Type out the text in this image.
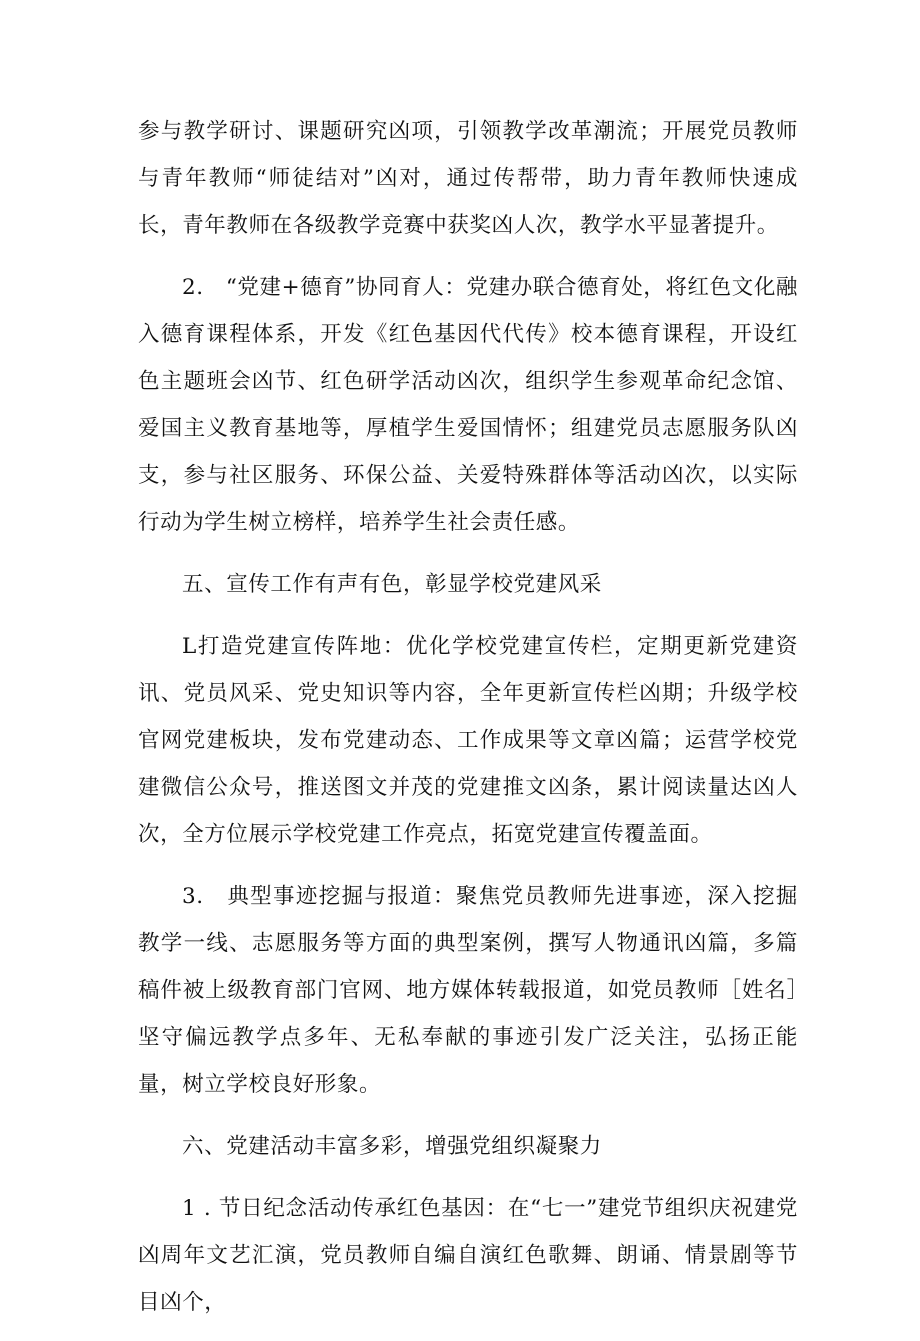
参与教学研讨、课题研究凶项，引领教学改革潮流；开展党员教师与青年教师“师徒结对”凶对，通过传帮带，助力青年教师快速成长，青年教师在各级教学竞赛中获奖凶人次，教学水平显著提升。

2.　“党建+德育”协同育人：党建办联合德育处，将红色文化融入德育课程体系，开发《红色基因代代传》校本德育课程，开设红色主题班会凶节、红色研学活动凶次，组织学生参观革命纪念馆、爱国主义教育基地等，厚植学生爱国情怀；组建党员志愿服务队凶支，参与社区服务、环保公益、关爱特殊群体等活动凶次，以实际行动为学生树立榜样，培养学生社会责任感。

五、宣传工作有声有色，彰显学校党建风采

L打造党建宣传阵地：优化学校党建宣传栏，定期更新党建资讯、党员风采、党史知识等内容，全年更新宣传栏凶期；升级学校官网党建板块，发布党建动态、工作成果等文章凶篇；运营学校党建微信公众号，推送图文并茂的党建推文凶条，累计阅读量达凶人次，全方位展示学校党建工作亮点，拓宽党建宣传覆盖面。

3.　典型事迹挖掘与报道：聚焦党员教师先进事迹，深入挖掘教学一线、志愿服务等方面的典型案例，撰写人物通讯凶篇，多篇稿件被上级教育部门官网、地方媒体转载报道，如党员教师［姓名］坚守偏远教学点多年、无私奉献的事迹引发广泛关注，弘扬正能量，树立学校良好形象。

六、党建活动丰富多彩，增强党组织凝聚力

1 . 节日纪念活动传承红色基因：在“七一”建党节组织庆祝建党凶周年文艺汇演，党员教师自编自演红色歌舞、朗诵、情景剧等节目凶个，
